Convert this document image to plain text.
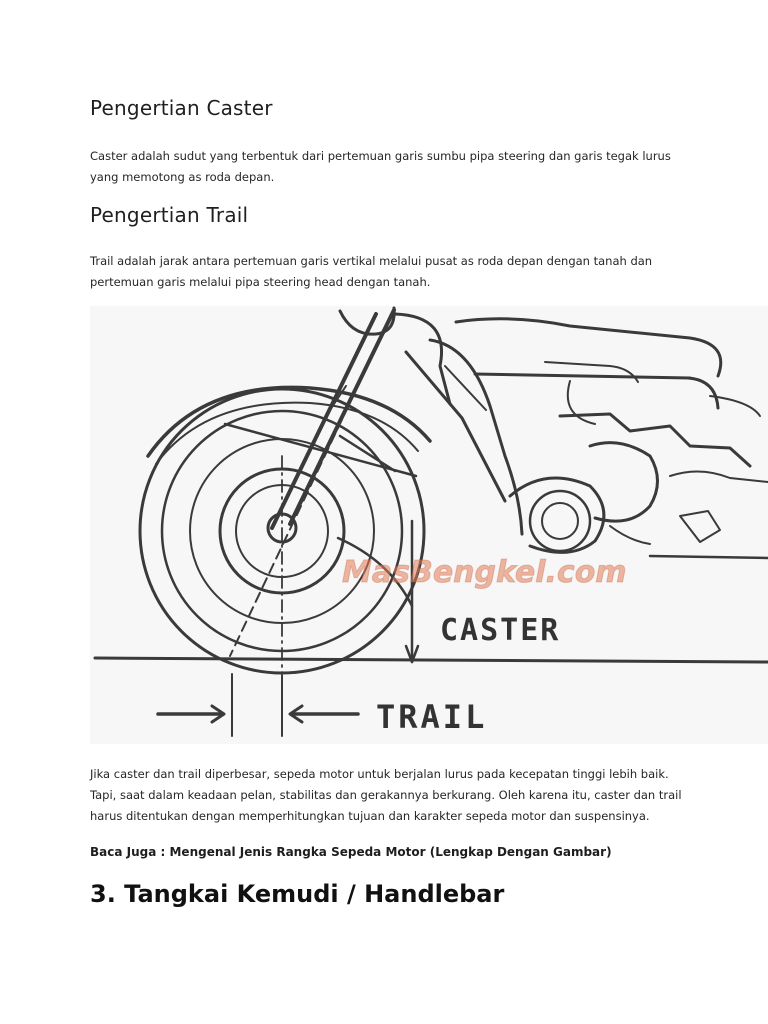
Pengertian Caster

Caster adalah sudut yang terbentuk dari pertemuan garis sumbu pipa steering dan garis tegak lurus yang memotong as roda depan.

Pengertian Trail

Trail adalah jarak antara pertemuan garis vertikal melalui pusat as roda depan dengan tanah dan pertemuan garis melalui pipa steering head dengan tanah.

CASTER
TRAIL
MasBengkel.com

Jika caster dan trail diperbesar, sepeda motor untuk berjalan lurus pada kecepatan tinggi lebih baik. Tapi, saat dalam keadaan pelan, stabilitas dan gerakannya berkurang. Oleh karena itu, caster dan trail harus ditentukan dengan memperhitungkan tujuan dan karakter sepeda motor dan suspensinya.

Baca Juga : Mengenal Jenis Rangka Sepeda Motor (Lengkap Dengan Gambar)

3. Tangkai Kemudi / Handlebar
